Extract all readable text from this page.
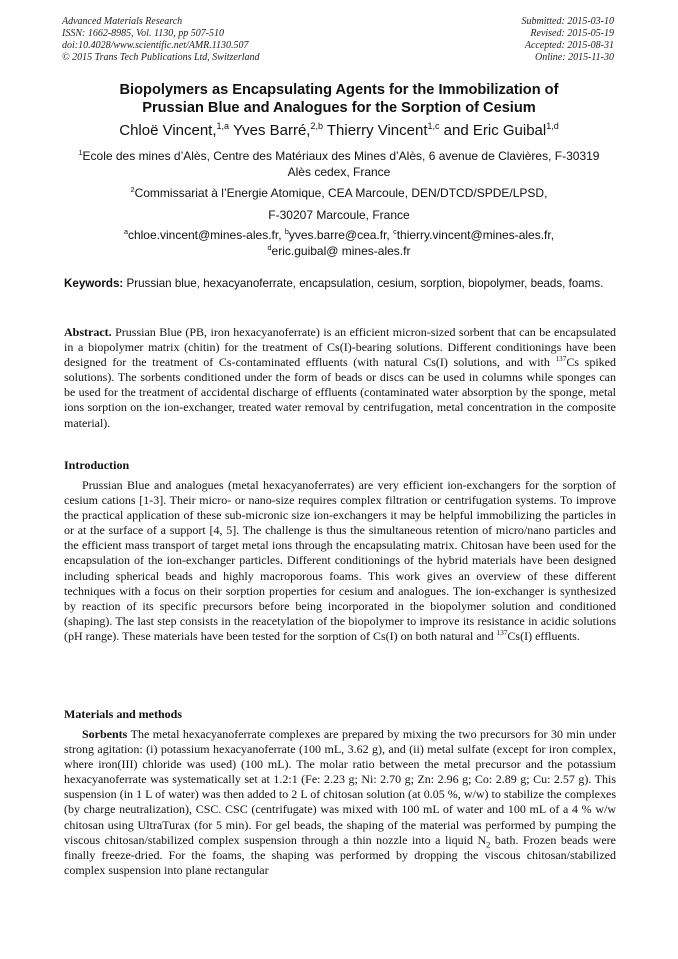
Advanced Materials Research
ISSN: 1662-8985, Vol. 1130, pp 507-510
doi:10.4028/www.scientific.net/AMR.1130.507
© 2015 Trans Tech Publications Ltd, Switzerland
Submitted: 2015-03-10
Revised: 2015-05-19
Accepted: 2015-08-31
Online: 2015-11-30
Biopolymers as Encapsulating Agents for the Immobilization of
Prussian Blue and Analogues for the Sorption of Cesium
Chloë Vincent,$^{1,a}$ Yves Barré,$^{2,b}$ Thierry Vincent$^{1,c}$ and Eric Guibal$^{1,d}$
$^1$Ecole des mines d’Alès, Centre des Matériaux des Mines d’Alès, 6 avenue de Clavières, F-30319
Alès cedex, France
$^2$Commissariat à l’Energie Atomique, CEA Marcoule, DEN/DTCD/SPDE/LPSD,
F-30207 Marcoule, France
$^a$chloe.vincent@mines-ales.fr, $^b$yves.barre@cea.fr, $^c$thierry.vincent@mines-ales.fr,
$^d$eric.guibal@ mines-ales.fr
Keywords: Prussian blue, hexacyanoferrate, encapsulation, cesium, sorption, biopolymer, beads, foams.
Abstract. Prussian Blue (PB, iron hexacyanoferrate) is an efficient micron-sized sorbent that can be encapsulated in a biopolymer matrix (chitin) for the treatment of Cs(I)-bearing solutions. Different conditionings have been designed for the treatment of Cs-contaminated effluents (with natural Cs(I) solutions, and with $^{137}$Cs spiked solutions). The sorbents conditioned under the form of beads or discs can be used in columns while sponges can be used for the treatment of accidental discharge of effluents (contaminated water absorption by the sponge, metal ions sorption on the ion-exchanger, treated water removal by centrifugation, metal concentration in the composite material).
Introduction
Prussian Blue and analogues (metal hexacyanoferrates) are very efficient ion-exchangers for the sorption of cesium cations [1-3]. Their micro- or nano-size requires complex filtration or centrifugation systems. To improve the practical application of these sub-micronic size ion-exchangers it may be helpful immobilizing the particles in or at the surface of a support [4, 5]. The challenge is thus the simultaneous retention of micro/nano particles and the efficient mass transport of target metal ions through the encapsulating matrix. Chitosan have been used for the encapsulation of the ion-exchanger particles. Different conditionings of the hybrid materials have been designed including spherical beads and highly macroporous foams. This work gives an overview of these different techniques with a focus on their sorption properties for cesium and analogues. The ion-exchanger is synthesized by reaction of its specific precursors before being incorporated in the biopolymer solution and conditioned (shaping). The last step consists in the reacetylation of the biopolymer to improve its resistance in acidic solutions (pH range). These materials have been tested for the sorption of Cs(I) on both natural and $^{137}$Cs(I) effluents.
Materials and methods
Sorbents The metal hexacyanoferrate complexes are prepared by mixing the two precursors for 30 min under strong agitation: (i) potassium hexacyanoferrate (100 mL, 3.62 g), and (ii) metal sulfate (except for iron complex, where iron(III) chloride was used) (100 mL). The molar ratio between the metal precursor and the potassium hexacyanoferrate was systematically set at 1.2:1 (Fe: 2.23 g; Ni: 2.70 g; Zn: 2.96 g; Co: 2.89 g; Cu: 2.57 g). This suspension (in 1 L of water) was then added to 2 L of chitosan solution (at 0.05 %, w/w) to stabilize the complexes (by charge neutralization), CSC. CSC (centrifugate) was mixed with 100 mL of water and 100 mL of a 4 % w/w chitosan using UltraTurax (for 5 min). For gel beads, the shaping of the material was performed by pumping the viscous chitosan/stabilized complex suspension through a thin nozzle into a liquid $N_2$ bath. Frozen beads were finally freeze-dried. For the foams, the shaping was performed by dropping the viscous chitosan/stabilized complex suspension into plane rectangular
